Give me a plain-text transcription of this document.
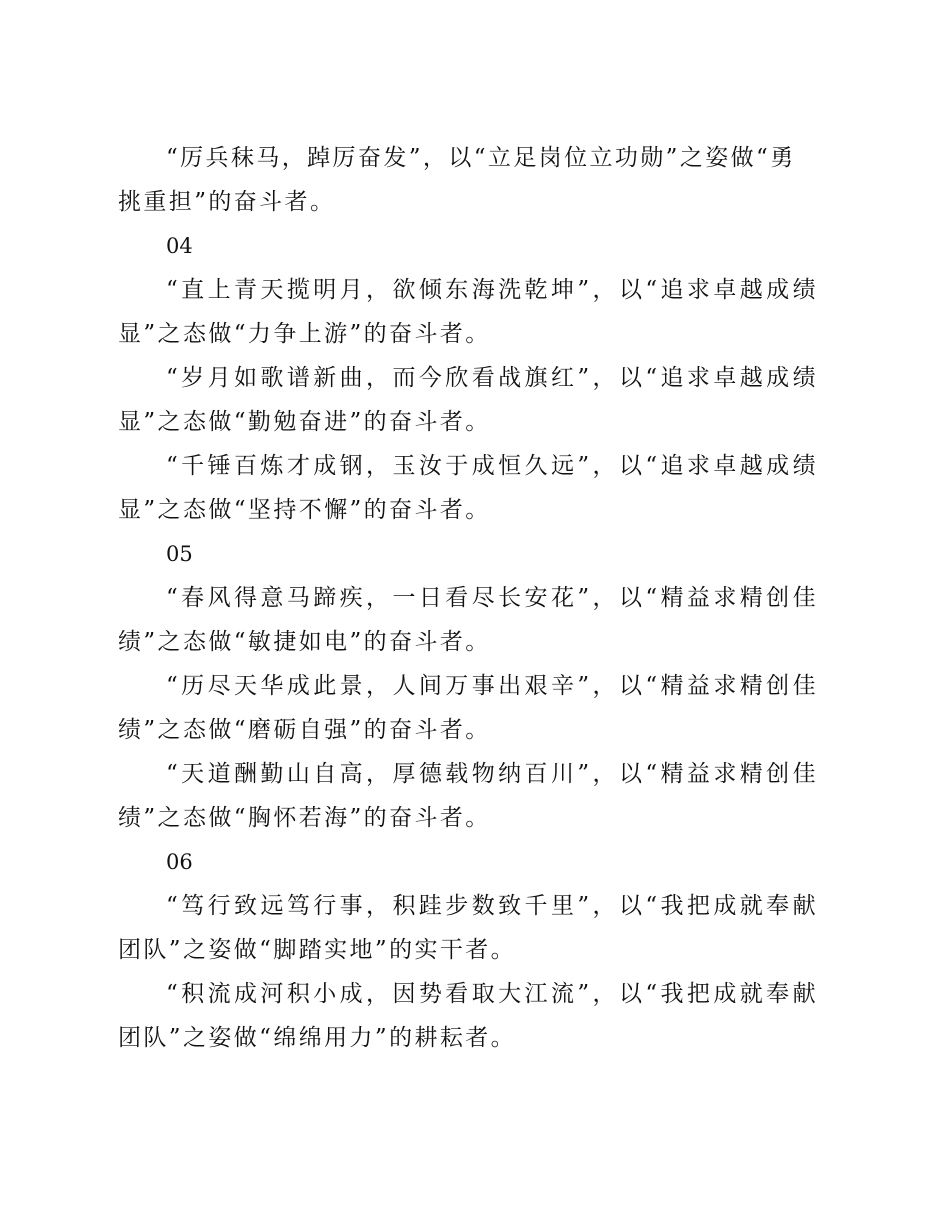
“厉兵秣马，踔厉奋发”，以“立足岗位立功勋”之姿做“勇挑重担”的奋斗者。

04

“直上青天揽明月，欲倾东海洗乾坤”，以“追求卓越成绩显”之态做“力争上游”的奋斗者。

“岁月如歌谱新曲，而今欣看战旗红”，以“追求卓越成绩显”之态做“勤勉奋进”的奋斗者。

“千锤百炼才成钢，玉汝于成恒久远”，以“追求卓越成绩显”之态做“坚持不懈”的奋斗者。

05

“春风得意马蹄疾，一日看尽长安花”，以“精益求精创佳绩”之态做“敏捷如电”的奋斗者。

“历尽天华成此景，人间万事出艰辛”，以“精益求精创佳绩”之态做“磨砺自强”的奋斗者。

“天道酬勤山自高，厚德载物纳百川”，以“精益求精创佳绩”之态做“胸怀若海”的奋斗者。

06

“笃行致远笃行事，积跬步数致千里”，以“我把成就奉献团队”之姿做“脚踏实地”的实干者。

“积流成河积小成，因势看取大江流”，以“我把成就奉献团队”之姿做“绵绵用力”的耕耘者。
